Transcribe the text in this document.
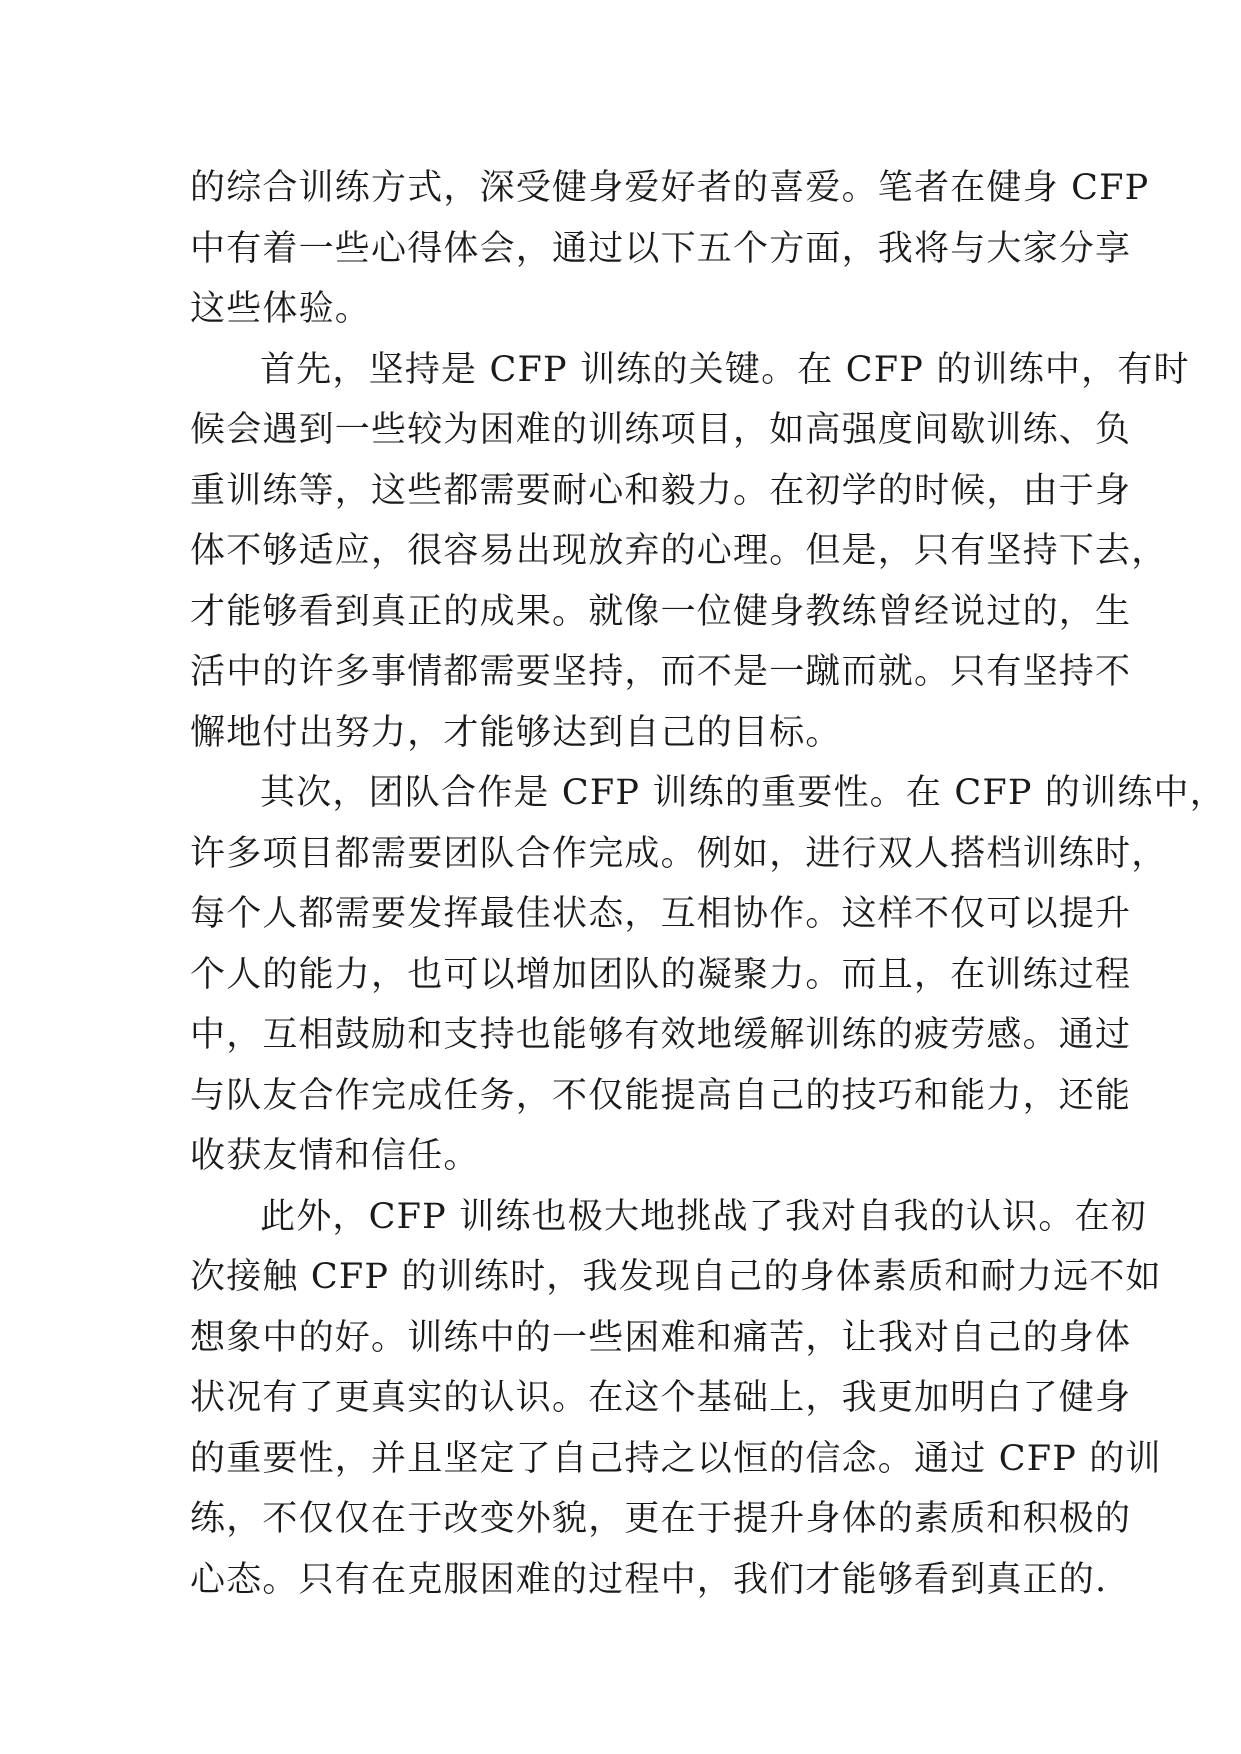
的综合训练方式，深受健身爱好者的喜爱。笔者在健身 CFP
中有着一些心得体会，通过以下五个方面，我将与大家分享
这些体验。
首先，坚持是 CFP 训练的关键。在 CFP 的训练中，有时
候会遇到一些较为困难的训练项目，如高强度间歇训练、负
重训练等，这些都需要耐心和毅力。在初学的时候，由于身
体不够适应，很容易出现放弃的心理。但是，只有坚持下去，
才能够看到真正的成果。就像一位健身教练曾经说过的，生
活中的许多事情都需要坚持，而不是一蹴而就。只有坚持不
懈地付出努力，才能够达到自己的目标。
其次，团队合作是 CFP 训练的重要性。在 CFP 的训练中，
许多项目都需要团队合作完成。例如，进行双人搭档训练时，
每个人都需要发挥最佳状态，互相协作。这样不仅可以提升
个人的能力，也可以增加团队的凝聚力。而且，在训练过程
中，互相鼓励和支持也能够有效地缓解训练的疲劳感。通过
与队友合作完成任务，不仅能提高自己的技巧和能力，还能
收获友情和信任。
此外，CFP 训练也极大地挑战了我对自我的认识。在初
次接触 CFP 的训练时，我发现自己的身体素质和耐力远不如
想象中的好。训练中的一些困难和痛苦，让我对自己的身体
状况有了更真实的认识。在这个基础上，我更加明白了健身
的重要性，并且坚定了自己持之以恒的信念。通过 CFP 的训
练，不仅仅在于改变外貌，更在于提升身体的素质和积极的
心态。只有在克服困难的过程中，我们才能够看到真正的.
